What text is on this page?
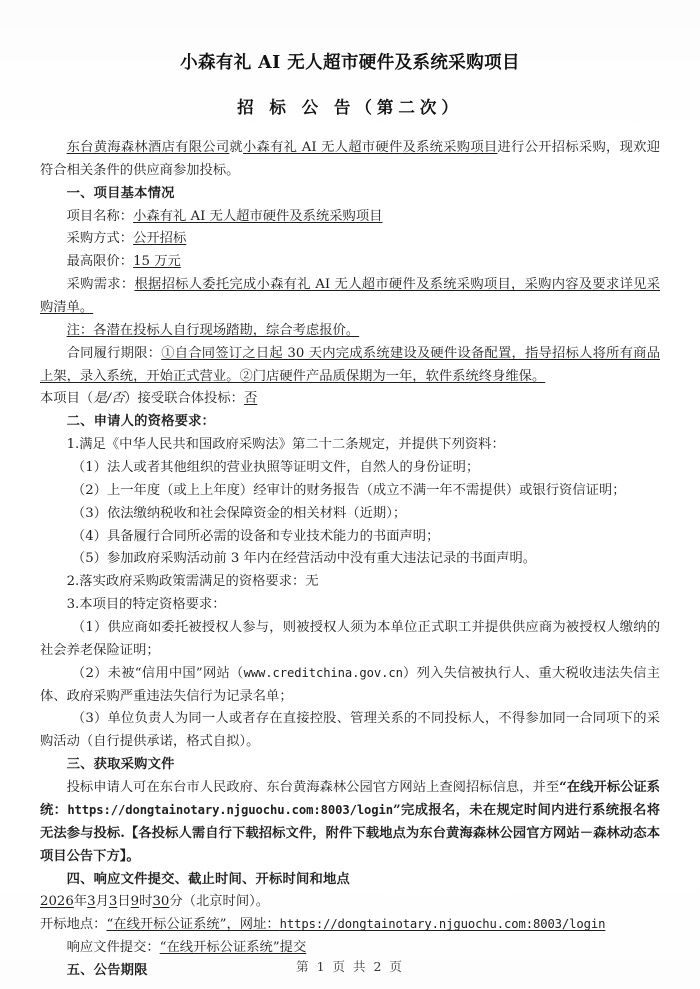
小森有礼 AI 无人超市硬件及系统采购项目
招 标 公 告（第二次）

东台黄海森林酒店有限公司就小森有礼 AI 无人超市硬件及系统采购项目进行公开招标采购，现欢迎符合相关条件的供应商参加投标。

一、项目基本情况

项目名称：小森有礼 AI 无人超市硬件及系统采购项目

采购方式：公开招标

最高限价：15 万元

采购需求：根据招标人委托完成小森有礼 AI 无人超市硬件及系统采购项目，采购内容及要求详见采购清单。

注：各潜在投标人自行现场踏勘，综合考虑报价。

合同履行期限：①自合同签订之日起 30 天内完成系统建设及硬件设备配置，指导招标人将所有商品上架，录入系统，开始正式营业。②门店硬件产品质保期为一年，软件系统终身维保。

本项目（是/否）接受联合体投标：否

二、申请人的资格要求：

1.满足《中华人民共和国政府采购法》第二十二条规定，并提供下列资料：

（1）法人或者其他组织的营业执照等证明文件，自然人的身份证明；

（2）上一年度（或上上年度）经审计的财务报告（成立不满一年不需提供）或银行资信证明；

（3）依法缴纳税收和社会保障资金的相关材料（近期）；

（4）具备履行合同所必需的设备和专业技术能力的书面声明；

（5）参加政府采购活动前 3 年内在经营活动中没有重大违法记录的书面声明。

2.落实政府采购政策需满足的资格要求：无

3.本项目的特定资格要求：

（1）供应商如委托被授权人参与，则被授权人须为本单位正式职工并提供供应商为被授权人缴纳的社会养老保险证明；

（2）未被“信用中国”网站（www.creditchina.gov.cn）列入失信被执行人、重大税收违法失信主体、政府采购严重违法失信行为记录名单；

（3）单位负责人为同一人或者存在直接控股、管理关系的不同投标人，不得参加同一合同项下的采购活动（自行提供承诺，格式自拟）。

三、获取采购文件

投标申请人可在东台市人民政府、东台黄海森林公园官方网站上查阅招标信息，并至“在线开标公证系统：https://dongtainotary.njguochu.com:8003/login”完成报名，未在规定时间内进行系统报名将无法参与投标.【各投标人需自行下载招标文件，附件下载地点为东台黄海森林公园官方网站－森林动态本项目公告下方】。

四、响应文件提交、截止时间、开标时间和地点

2026年3月3日9时30分（北京时间）。

开标地点：“在线开标公证系统”，网址：https://dongtainotary.njguochu.com:8003/login

响应文件提交：“在线开标公证系统”提交

五、公告期限	第 1 页 共 2 页
